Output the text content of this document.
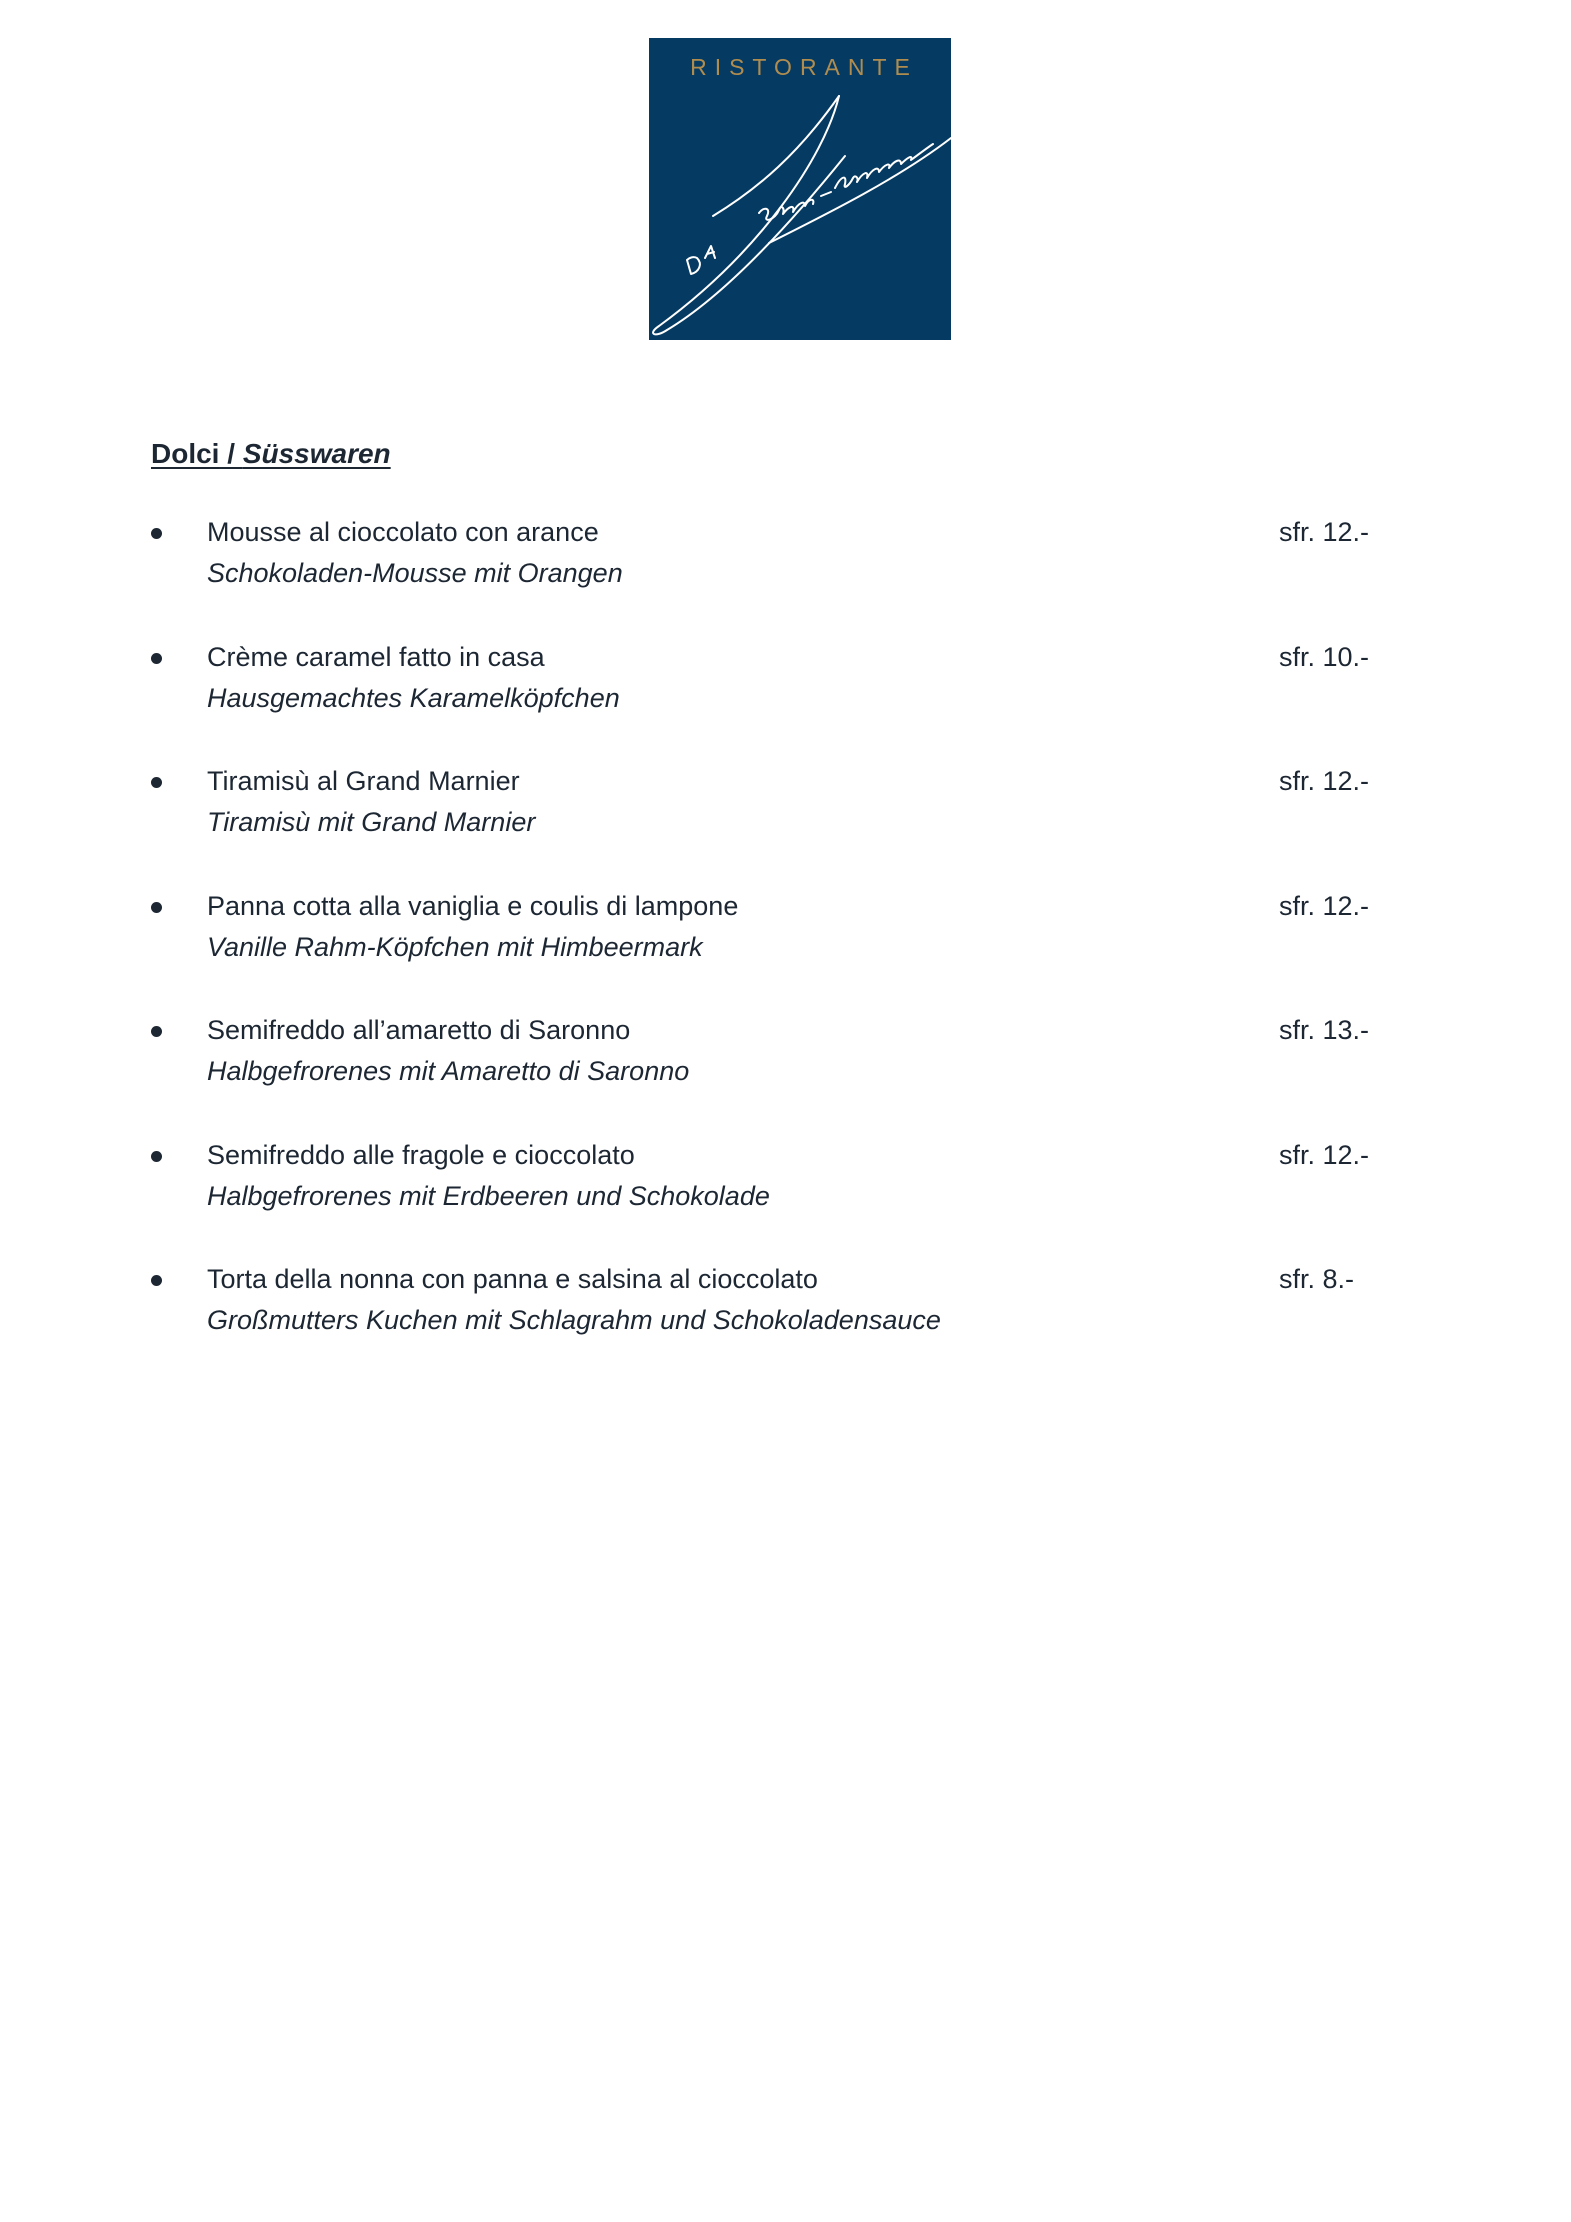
RISTORANTE
Dolci / Süsswaren
Mousse al cioccolato con arance
Schokoladen-Mousse mit Orangen
sfr. 12.-
Crème caramel fatto in casa
Hausgemachtes Karamelköpfchen
sfr. 10.-
Tiramisù al Grand Marnier
Tiramisù mit Grand Marnier
sfr. 12.-
Panna cotta alla vaniglia e coulis di lampone
Vanille Rahm-Köpfchen mit Himbeermark
sfr. 12.-
Semifreddo all’amaretto di Saronno
Halbgefrorenes mit Amaretto di Saronno
sfr. 13.-
Semifreddo alle fragole e cioccolato
Halbgefrorenes mit Erdbeeren und Schokolade
sfr. 12.-
Torta della nonna con panna e salsina al cioccolato
Großmutters Kuchen mit Schlagrahm und Schokoladensauce
sfr. 8.-
